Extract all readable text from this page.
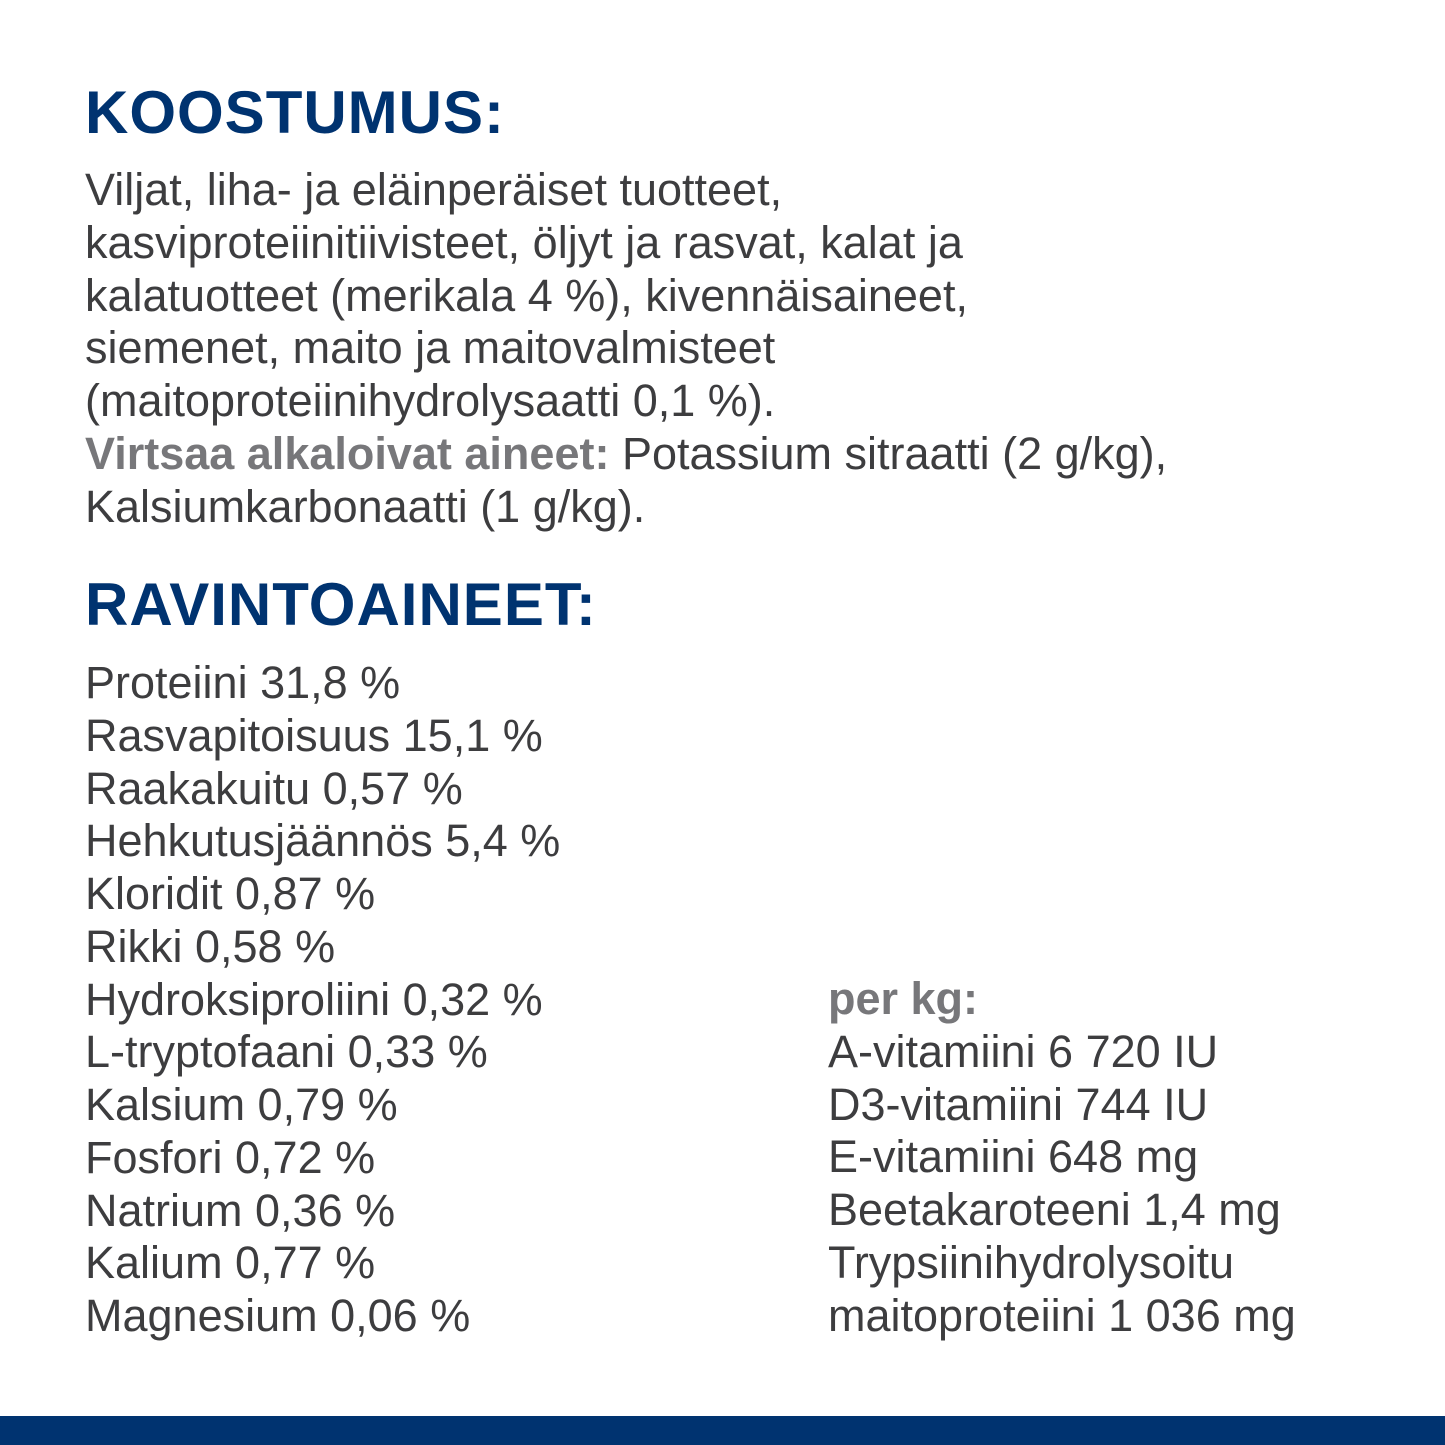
KOOSTUMUS:
Viljat, liha- ja eläinperäiset tuotteet,
kasviproteiinitiivisteet, öljyt ja rasvat, kalat ja
kalatuotteet (merikala 4 %), kivennäisaineet,
siemenet, maito ja maitovalmisteet
(maitoproteiinihydrolysaatti 0,1 %).
Virtsaa alkaloivat aineet: Potassium sitraatti (2 g/kg),
Kalsiumkarbonaatti (1 g/kg).
RAVINTOAINEET:
Proteiini 31,8 %
Rasvapitoisuus 15,1 %
Raakakuitu 0,57 %
Hehkutusjäännös 5,4 %
Kloridit 0,87 %
Rikki 0,58 %
Hydroksiproliini 0,32 %
L-tryptofaani 0,33 %
Kalsium 0,79 %
Fosfori 0,72 %
Natrium 0,36 %
Kalium 0,77 %
Magnesium 0,06 %
per kg:
A-vitamiini 6 720 IU
D3-vitamiini 744 IU
E-vitamiini 648 mg
Beetakaroteeni 1,4 mg
Trypsiinihydrolysoitu
maitoproteiini 1 036 mg
